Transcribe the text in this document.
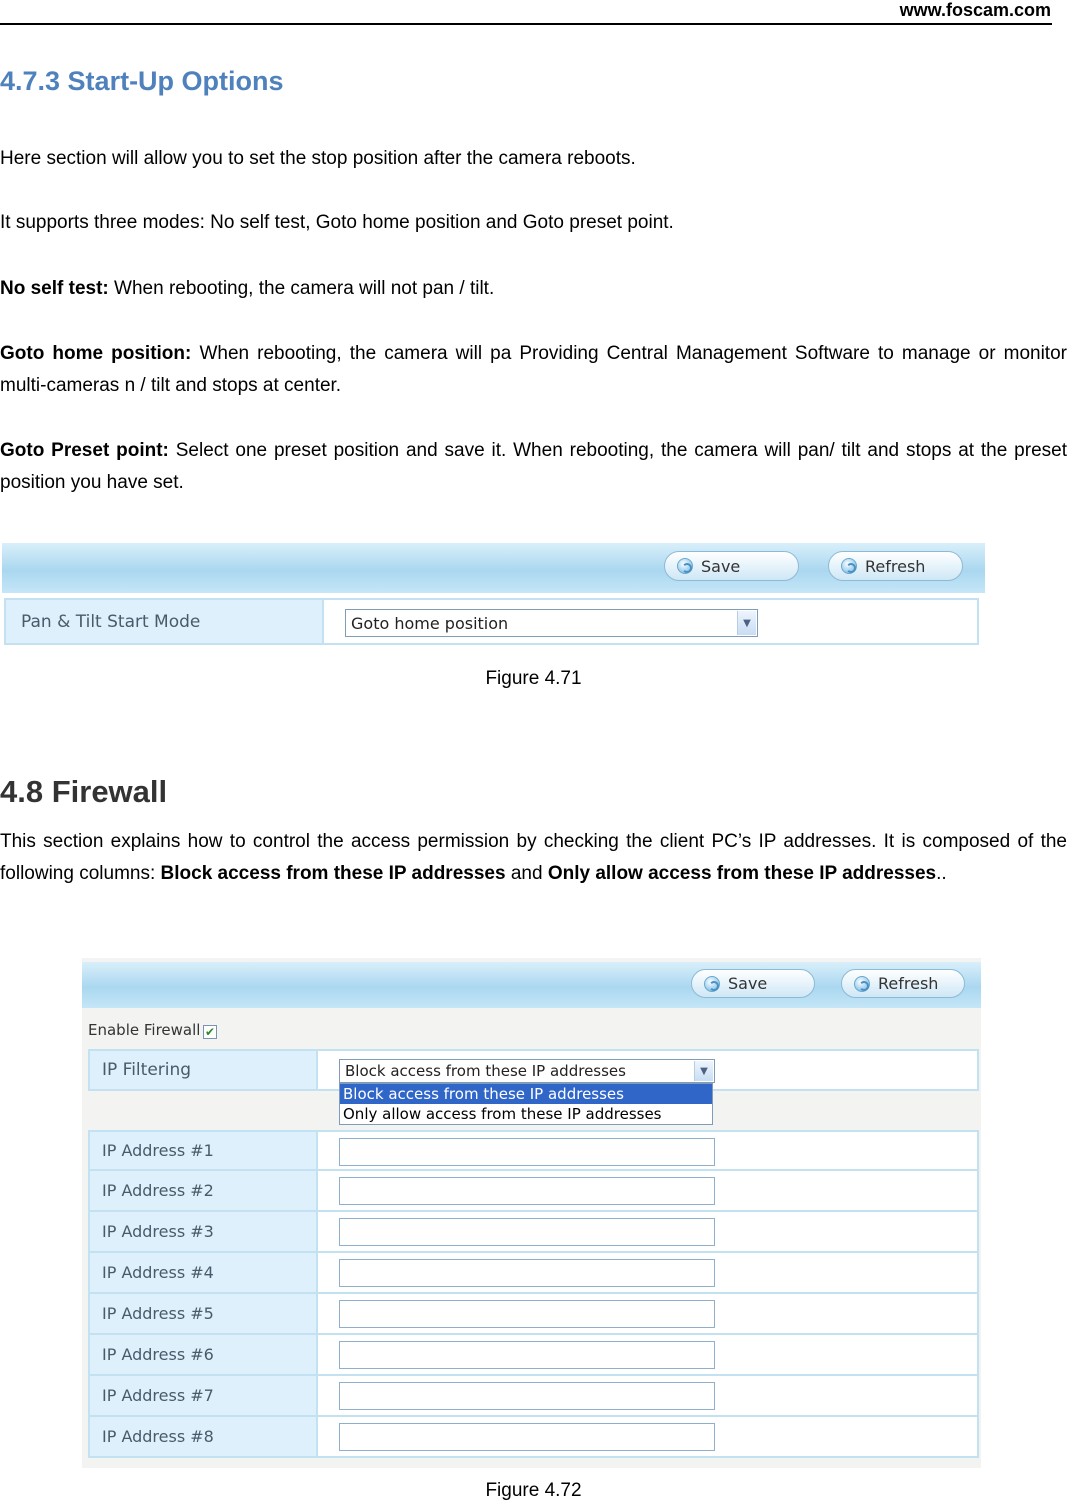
www.foscam.com
4.7.3 Start-Up Options
Here section will allow you to set the stop position after the camera reboots.
It supports three modes: No self test, Goto home position and Goto preset point.
No self test: When rebooting, the camera will not pan / tilt.
Goto home position: When rebooting, the camera will pa Providing Central Management Software to manage or monitor multi-cameras n / tilt and stops at center.
Goto Preset point: Select one preset position and save it. When rebooting, the camera will pan/ tilt and stops at the preset position you have set.
Save	Refresh
Pan & Tilt Start Mode	Goto home position	▼
Figure 4.71
4.8 Firewall
This section explains how to control the access permission by checking the client PC’s IP addresses. It is composed of the following columns: Block access from these IP addresses and Only allow access from these IP addresses..
Save	Refresh
Enable Firewall ✔
IP Filtering	Block access from these IP addresses	▼
Block access from these IP addresses
Only allow access from these IP addresses
IP Address #1
IP Address #2
IP Address #3
IP Address #4
IP Address #5
IP Address #6
IP Address #7
IP Address #8
Figure 4.72
